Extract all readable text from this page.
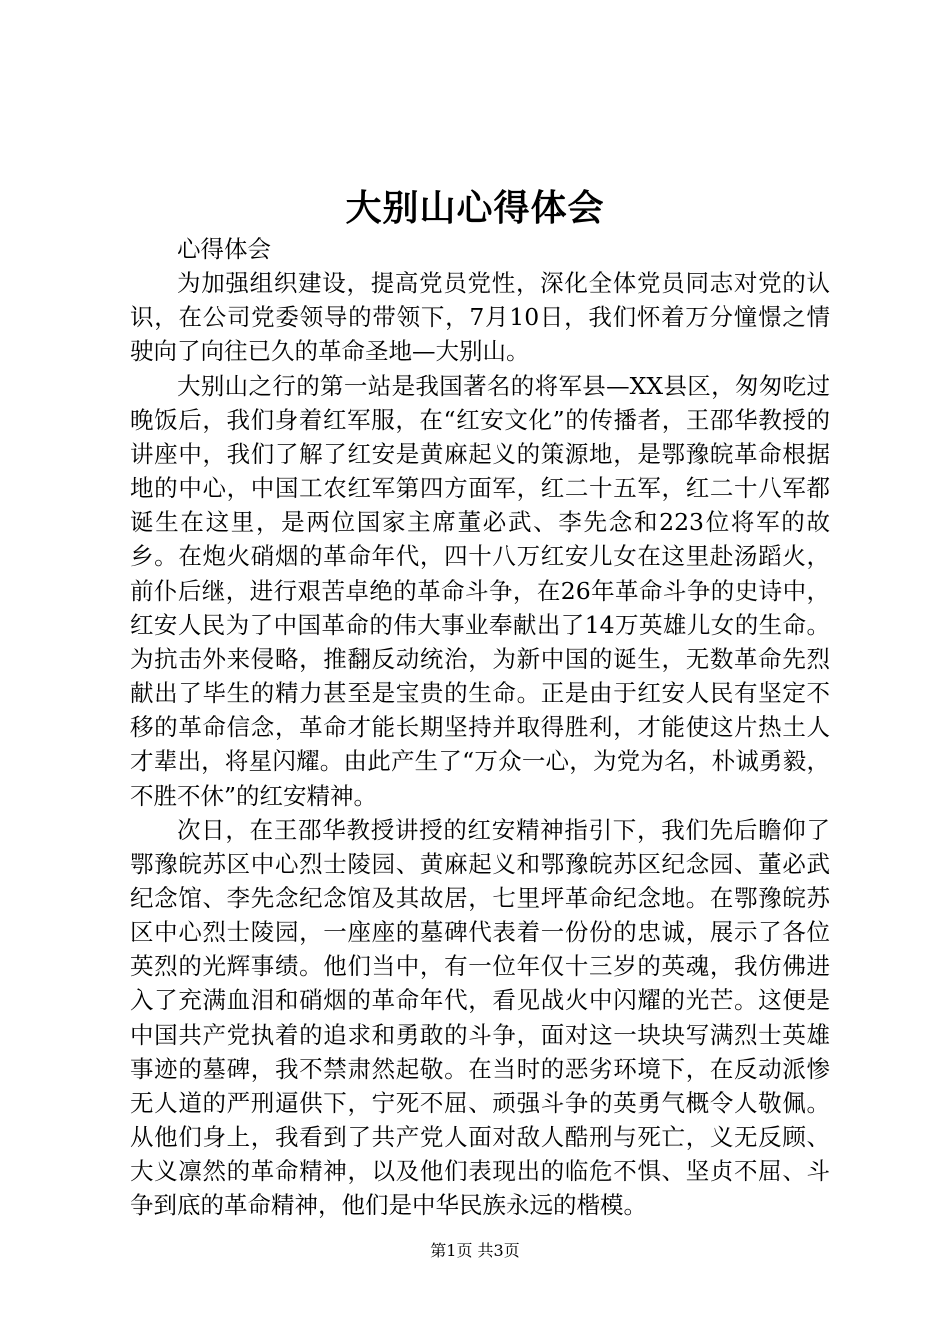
大别山心得体会

心得体会

为加强组织建设，提高党员党性，深化全体党员同志对党的认识，在公司党委领导的带领下，7月10日，我们怀着万分憧憬之情驶向了向往已久的革命圣地—大别山。

大别山之行的第一站是我国著名的将军县—XX县区，匆匆吃过晚饭后，我们身着红军服，在“红安文化”的传播者，王邵华教授的讲座中，我们了解了红安是黄麻起义的策源地，是鄂豫皖革命根据地的中心，中国工农红军第四方面军，红二十五军，红二十八军都诞生在这里，是两位国家主席董必武、李先念和223位将军的故乡。在炮火硝烟的革命年代，四十八万红安儿女在这里赴汤蹈火，前仆后继，进行艰苦卓绝的革命斗争，在26年革命斗争的史诗中，红安人民为了中国革命的伟大事业奉献出了14万英雄儿女的生命。为抗击外来侵略，推翻反动统治，为新中国的诞生，无数革命先烈献出了毕生的精力甚至是宝贵的生命。正是由于红安人民有坚定不移的革命信念，革命才能长期坚持并取得胜利，才能使这片热土人才辈出，将星闪耀。由此产生了“万众一心，为党为名，朴诚勇毅，不胜不休”的红安精神。

次日，在王邵华教授讲授的红安精神指引下，我们先后瞻仰了鄂豫皖苏区中心烈士陵园、黄麻起义和鄂豫皖苏区纪念园、董必武纪念馆、李先念纪念馆及其故居，七里坪革命纪念地。在鄂豫皖苏区中心烈士陵园，一座座的墓碑代表着一份份的忠诚，展示了各位英烈的光辉事绩。他们当中，有一位年仅十三岁的英魂，我仿佛进入了充满血泪和硝烟的革命年代，看见战火中闪耀的光芒。这便是中国共产党执着的追求和勇敢的斗争，面对这一块块写满烈士英雄事迹的墓碑，我不禁肃然起敬。在当时的恶劣环境下，在反动派惨无人道的严刑逼供下，宁死不屈、顽强斗争的英勇气概令人敬佩。从他们身上，我看到了共产党人面对敌人酷刑与死亡，义无反顾、大义凛然的革命精神，以及他们表现出的临危不惧、坚贞不屈、斗争到底的革命精神，他们是中华民族永远的楷模。

第1页 共3页
